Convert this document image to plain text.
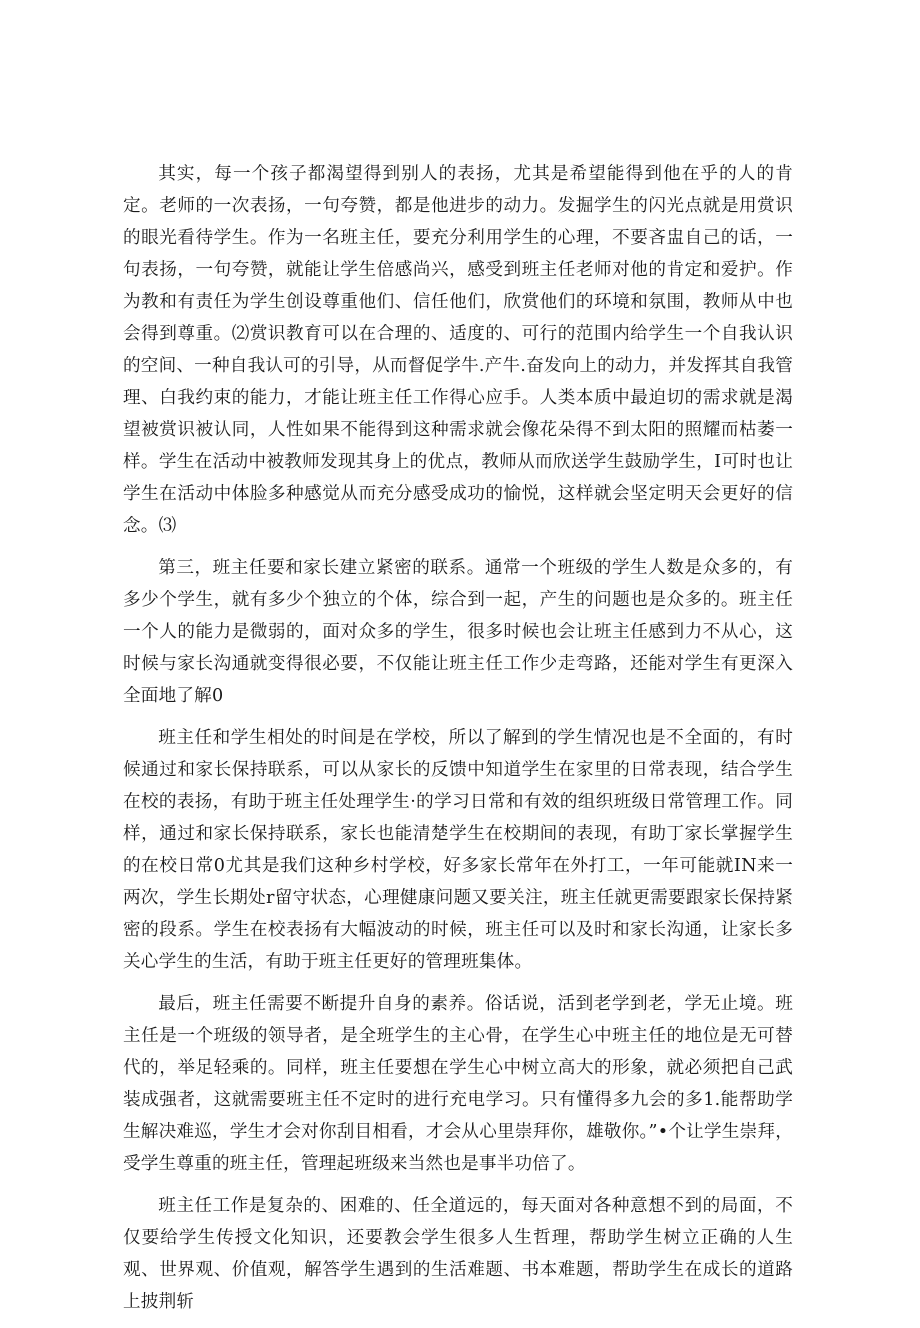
其实，每一个孩子都渴望得到别人的表扬，尤其是希望能得到他在乎的人的肯定。老师的一次表扬，一句夸赞，都是他进步的动力。发掘学生的闪光点就是用赏识的眼光看待学生。作为一名班主任，要充分利用学生的心理，不要吝盅自己的话，一句表扬，一句夸赞，就能让学生倍感尚兴，感受到班主任老师对他的肯定和爱护。作为教和有责任为学生创设尊重他们、信任他们，欣赏他们的环境和氛围，教师从中也会得到尊重。⑵赏识教育可以在合理的、适度的、可行的范围内给学生一个自我认识的空间、一种自我认可的引导，从而督促学牛.产牛.奋发向上的动力，并发挥其自我管理、白我约束的能力，才能让班主任工作得心应手。人类本质中最迫切的需求就是渴望被赏识被认同，人性如果不能得到这种需求就会像花朵得不到太阳的照耀而枯萎一样。学生在活动中被教师发现其身上的优点，教师从而欣送学生鼓励学生，I可时也让学生在活动中体脸多种感觉从而充分感受成功的愉悦，这样就会坚定明天会更好的信念。⑶

第三，班主任要和家长建立紧密的联系。通常一个班级的学生人数是众多的，有多少个学生，就有多少个独立的个体，综合到一起，产生的问题也是众多的。班主任一个人的能力是微弱的，面对众多的学生，很多时候也会让班主任感到力不从心，这时候与家长沟通就变得很必要，不仅能让班主任工作少走弯路，还能对学生有更深入全面地了解0

班主任和学生相处的时间是在学校，所以了解到的学生情况也是不全面的，有时候通过和家长保持联系，可以从家长的反馈中知道学生在家里的日常表现，结合学生在校的表扬，有助于班主任处理学生·的学习日常和有效的组织班级日常管理工作。同样，通过和家长保持联系，家长也能清楚学生在校期间的表现，有助丁家长掌握学生的在校日常0尤其是我们这种乡村学校，好多家长常年在外打工，一年可能就IN来一两次，学生长期处r留守状态，心理健康问题又要关注，班主任就更需要跟家长保持紧密的段系。学生在校表扬有大幅波动的时候，班主任可以及时和家长沟通，让家长多关心学生的生活，有助于班主任更好的管理班集体。

最后，班主任需要不断提升自身的素养。俗话说，活到老学到老，学无止境。班主任是一个班级的领导者，是全班学生的主心骨，在学生心中班主任的地位是无可替代的，举足轻乘的。同样，班主任要想在学生心中树立高大的形象，就必须把自己武装成强者，这就需要班主任不定时的进行充电学习。只有懂得多九会的多1.能帮助学生解决难巡，学生才会对你刮目相看，才会从心里崇拜你，雄敬你。”•个让学生崇拜，受学生尊重的班主任，管理起班级来当然也是事半功倍了。

班主任工作是复杂的、困难的、任全道远的，每天面对各种意想不到的局面，不仅要给学生传授文化知识，还要教会学生很多人生哲理，帮助学生树立正确的人生观、世界观、价值观，解答学生遇到的生活难题、书本难题，帮助学生在成长的道路上披荆斩
